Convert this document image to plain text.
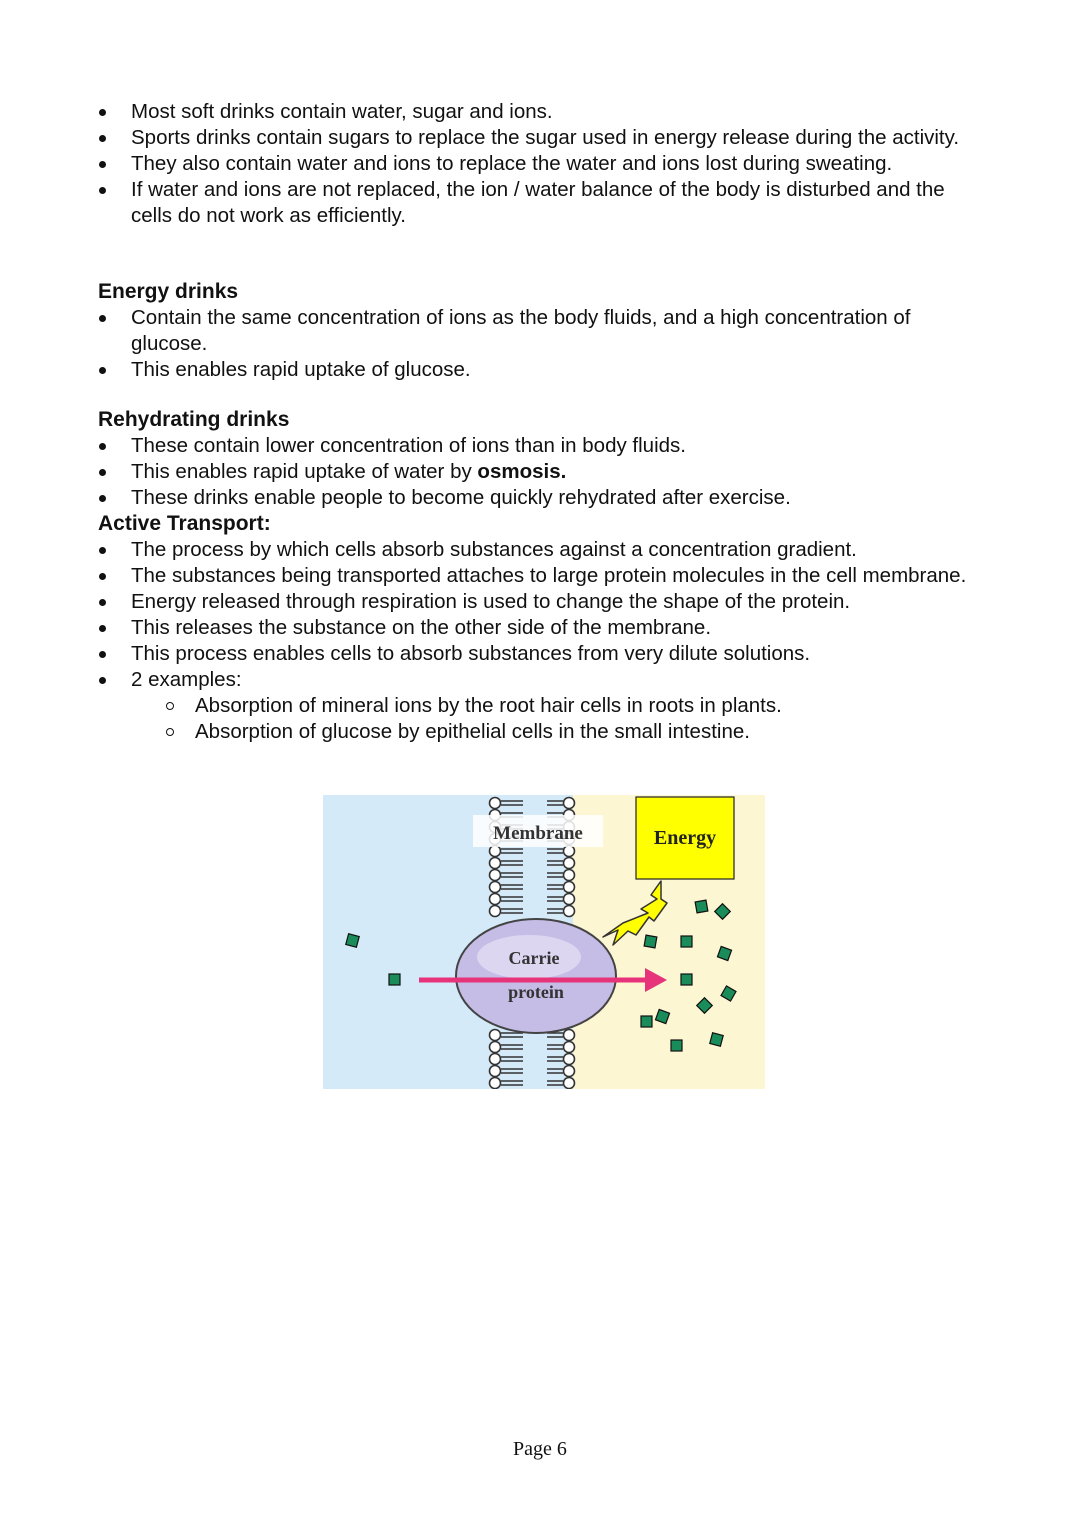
Most soft drinks contain water, sugar and ions.
Sports drinks contain sugars to replace the sugar used in energy release during the activity.
They also contain water and ions to replace the water and ions lost during sweating.
If water and ions are not replaced, the ion / water balance of the body is disturbed and the cells do not work as efficiently.
Energy drinks
Contain the same concentration of ions as the body fluids, and a high concentration of glucose.
This enables rapid uptake of glucose.
Rehydrating drinks
These contain lower concentration of ions than in body fluids.
This enables rapid uptake of water by osmosis.
These drinks enable people to become quickly rehydrated after exercise.
Active Transport:
The process by which cells absorb substances against a concentration gradient.
The substances being transported attaches to large protein molecules in the cell membrane.
Energy released through respiration is used to change the shape of the protein.
This releases the substance on the other side of the membrane.
This process enables cells to absorb substances from very dilute solutions.
2 examples:
Absorption of mineral ions by the root hair cells in roots in plants.
Absorption of glucose by epithelial cells in the small intestine.
Carrie
protein
Membrane	Energy
Page 6
